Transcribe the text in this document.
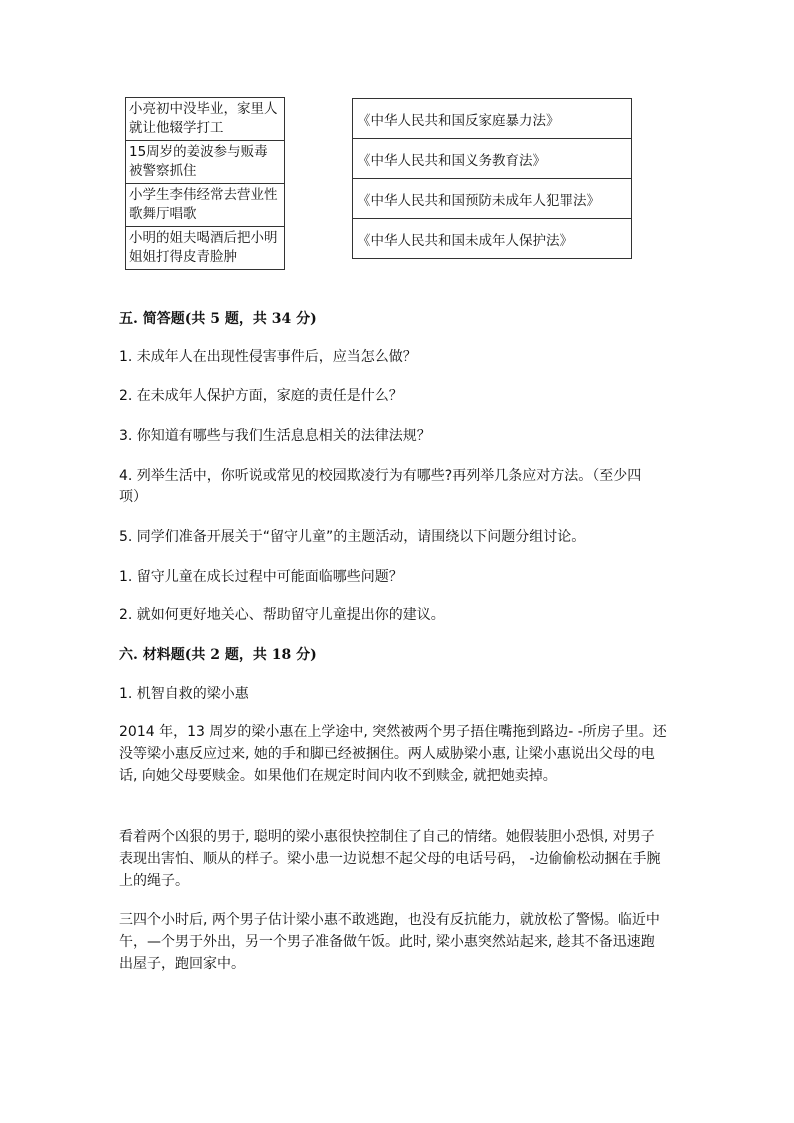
小亮初中没毕业，家里人就让他辍学打工
15周岁的姜波参与贩毒被警察抓住
小学生李伟经常去营业性歌舞厅唱歌
小明的姐夫喝酒后把小明姐姐打得皮青脸肿
《中华人民共和国反家庭暴力法》
《中华人民共和国义务教育法》
《中华人民共和国预防未成年人犯罪法》
《中华人民共和国未成年人保护法》
五. 简答题(共 5 题，共 34 分)
1. 未成年人在出现性侵害事件后，应当怎么做？
2. 在未成年人保护方面，家庭的责任是什么？
3. 你知道有哪些与我们生活息息相关的法律法规？
4. 列举生活中，你听说或常见的校园欺凌行为有哪些?再列举几条应对方法。（至少四项）
5. 同学们准备开展关于“留守儿童”的主题活动，请围绕以下问题分组讨论。
1. 留守儿童在成长过程中可能面临哪些问题？
2. 就如何更好地关心、帮助留守儿童提出你的建议。
六. 材料题(共 2 题，共 18 分)
1. 机智自救的梁小惠
2014 年，13 周岁的梁小惠在上学途中, 突然被两个男子捂住嘴拖到路边- -所房子里。还没等梁小惠反应过来, 她的手和脚已经被捆住。两人威胁梁小惠, 让梁小惠说出父母的电话, 向她父母要赎金。如果他们在规定时间内收不到赎金, 就把她卖掉。
看着两个凶狠的男于, 聪明的梁小惠很快控制住了自己的情绪。她假装胆小恐惧, 对男子表现出害怕、顺从的样子。梁小患一边说想不起父母的电话号码， -边偷偷松动捆在手腕上的绳子。
三四个小时后, 两个男子估计梁小惠不敢逃跑，也没有反抗能力，就放松了警惕。临近中午，—个男于外出，另一个男子准备做午饭。此时, 梁小惠突然站起来, 趁其不备迅速跑出屋子，跑回家中。
